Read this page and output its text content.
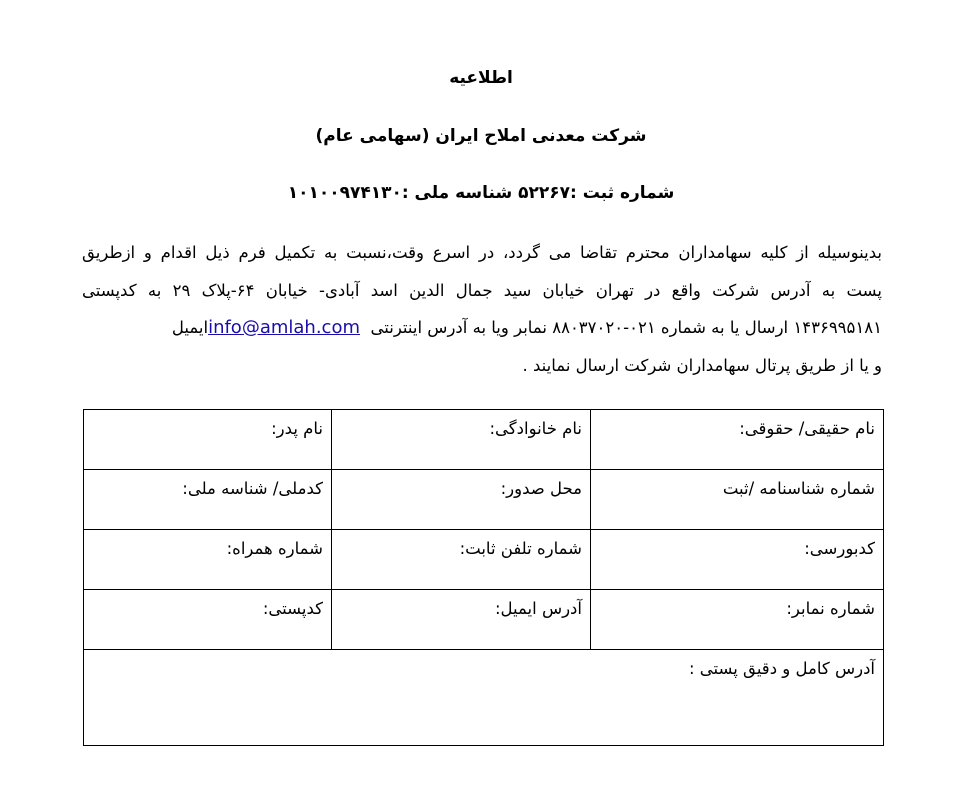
اطلاعیه
شرکت معدنی املاح ایران (سهامی عام)
شماره ثبت :۵۲۲۶۷ شناسه ملی :۱۰۱۰۰۹۷۴۱۳۰
بدینوسیله از کلیه سهامداران محترم تقاضا می گردد، در اسرع وقت،نسبت به تکمیل فرم ذیل اقدام و ازطریق
پست به آدرس شرکت واقع در تهران خیابان سید جمال الدین اسد آبادی- خیابان ۶۴-پلاک ۲۹ به کدپستی
۱۴۳۶۹۹۵۱۸۱ ارسال یا به شماره ۰۲۱-۸۸۰۳۷۰۲۰ نمابر ویا به آدرس اینترنتی  info@amlah.comایمیل
و یا از طریق پرتال سهامداران شرکت ارسال نمایند .
نام حقیقی/ حقوقی:	نام خانوادگی:	نام پدر:
شماره شناسنامه /ثبت	محل صدور:	کدملی/ شناسه ملی:
کدبورسی:	شماره تلفن ثابت:	شماره همراه:
شماره نمابر:	آدرس ایمیل:	کدپستی:
آدرس کامل و دقیق پستی :		
